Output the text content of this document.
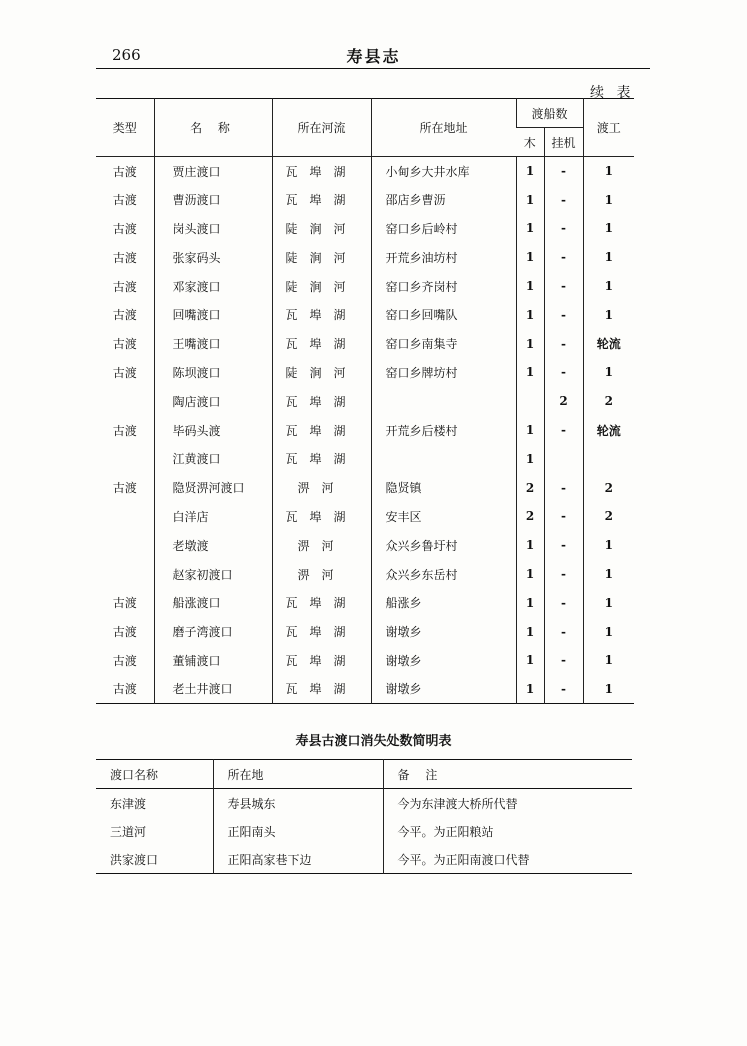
266	寿县志
续 表
类型	名 称	所在河流	所在地址	渡船数		渡工
				木	挂机	
古渡	贾庄渡口	瓦埠湖	小甸乡大井水库	1	-	1
古渡	曹沥渡口	瓦埠湖	邵店乡曹沥	1	-	1
古渡	岗头渡口	陡涧河	窑口乡后岭村	1	-	1
古渡	张家码头	陡涧河	开荒乡油坊村	1	-	1
古渡	邓家渡口	陡涧河	窑口乡齐岗村	1	-	1
古渡	回嘴渡口	瓦埠湖	窑口乡回嘴队	1	-	1
古渡	王嘴渡口	瓦埠湖	窑口乡南集寺	1	-	轮流
古渡	陈坝渡口	陡涧河	窑口乡牌坊村	1	-	1
	陶店渡口	瓦埠湖			2	2
古渡	毕码头渡	瓦埠湖	开荒乡后楼村	1	-	轮流
	江黄渡口	瓦埠湖		1		
古渡	隐贤淠河渡口	淠河	隐贤镇	2	-	2
	白洋店	瓦埠湖	安丰区	2	-	2
	老墩渡	淠河	众兴乡鲁圩村	1	-	1
	赵家初渡口	淠河	众兴乡东岳村	1	-	1
古渡	船涨渡口	瓦埠湖	船涨乡	1	-	1
古渡	磨子湾渡口	瓦埠湖	谢墩乡	1	-	1
古渡	董铺渡口	瓦埠湖	谢墩乡	1	-	1
古渡	老土井渡口	瓦埠湖	谢墩乡	1	-	1
寿县古渡口消失处数简明表
渡口名称	所在地	备 注
东津渡	寿县城东	今为东津渡大桥所代替
三道河	正阳南头	今平。为正阳粮站
洪家渡口	正阳高家巷下边	今平。为正阳南渡口代替
